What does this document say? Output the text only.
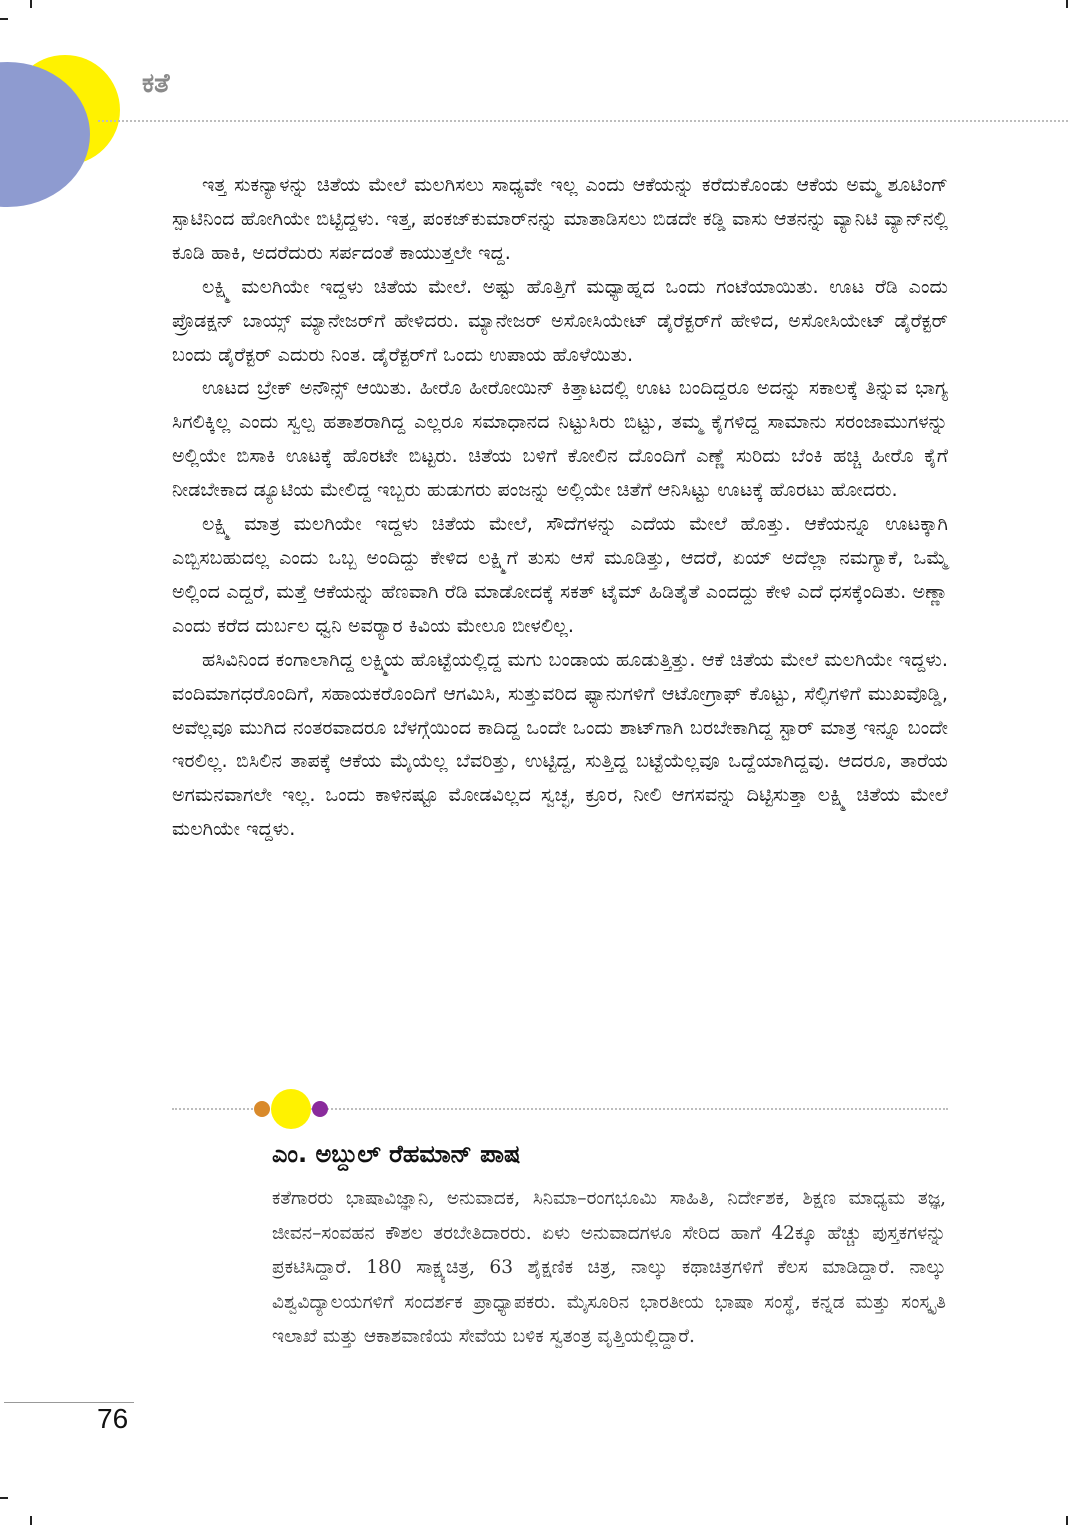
ಕತೆ

ಇತ್ತ ಸುಕನ್ಯಾಳನ್ನು ಚಿತೆಯ ಮೇಲೆ ಮಲಗಿಸಲು ಸಾಧ್ಯವೇ ಇಲ್ಲ ಎಂದು ಆಕೆಯನ್ನು ಕರೆದುಕೊಂಡು ಆಕೆಯ ಅಮ್ಮ ಶೂಟಿಂಗ್ ಸ್ಪಾಟಿನಿಂದ ಹೋಗಿಯೇ ಬಿಟ್ಟಿದ್ದಳು. ಇತ್ತ, ಪಂಕಜ್‌ಕುಮಾರ್‌ನನ್ನು ಮಾತಾಡಿಸಲು ಬಿಡದೇ ಕಡ್ಡಿ ವಾಸು ಆತನನ್ನು ವ್ಯಾನಿಟಿ ವ್ಯಾನ್‌ನಲ್ಲಿ ಕೂಡಿ ಹಾಕಿ, ಅದರೆದುರು ಸರ್ಪದಂತೆ ಕಾಯುತ್ತಲೇ ಇದ್ದ.

ಲಕ್ಷ್ಮಿ ಮಲಗಿಯೇ ಇದ್ದಳು ಚಿತೆಯ ಮೇಲೆ. ಅಷ್ಟು ಹೊತ್ತಿಗೆ ಮಧ್ಯಾಹ್ನದ ಒಂದು ಗಂಟೆಯಾಯಿತು. ಊಟ ರೆಡಿ ಎಂದು ಪ್ರೊಡಕ್ಷನ್ ಬಾಯ್ಸ್ ಮ್ಯಾನೇಜರ್‌ಗೆ ಹೇಳಿದರು. ಮ್ಯಾನೇಜರ್ ಅಸೋಸಿಯೇಟ್ ಡೈರೆಕ್ಟರ್‌ಗೆ ಹೇಳಿದ, ಅಸೋಸಿಯೇಟ್ ಡೈರೆಕ್ಟರ್ ಬಂದು ಡೈರೆಕ್ಟರ್ ಎದುರು ನಿಂತ. ಡೈರೆಕ್ಟರ್‌ಗೆ ಒಂದು ಉಪಾಯ ಹೊಳೆಯಿತು.

ಊಟದ ಬ್ರೇಕ್ ಅನೌನ್ಸ್ ಆಯಿತು. ಹೀರೊ ಹೀರೋಯಿನ್ ಕಿತ್ತಾಟದಲ್ಲಿ ಊಟ ಬಂದಿದ್ದರೂ ಅದನ್ನು ಸಕಾಲಕ್ಕೆ ತಿನ್ನುವ ಭಾಗ್ಯ ಸಿಗಲಿಕ್ಕಿಲ್ಲ ಎಂದು ಸ್ವಲ್ಪ ಹತಾಶರಾಗಿದ್ದ ಎಲ್ಲರೂ ಸಮಾಧಾನದ ನಿಟ್ಟುಸಿರು ಬಿಟ್ಟು, ತಮ್ಮ ಕೈಗಳಿದ್ದ ಸಾಮಾನು ಸರಂಜಾಮುಗಳನ್ನು ಅಲ್ಲಿಯೇ ಬಿಸಾಕಿ ಊಟಕ್ಕೆ ಹೊರಟೇ ಬಿಟ್ಟರು. ಚಿತೆಯ ಬಳಿಗೆ ಕೋಲಿನ ದೊಂದಿಗೆ ಎಣ್ಣೆ ಸುರಿದು ಬೆಂಕಿ ಹಚ್ಚಿ ಹೀರೊ ಕೈಗೆ ನೀಡಬೇಕಾದ ಡ್ಯೂಟಿಯ ಮೇಲಿದ್ದ ಇಬ್ಬರು ಹುಡುಗರು ಪಂಜನ್ನು ಅಲ್ಲಿಯೇ ಚಿತೆಗೆ ಆನಿಸಿಟ್ಟು ಊಟಕ್ಕೆ ಹೊರಟು ಹೋದರು.

ಲಕ್ಷ್ಮಿ ಮಾತ್ರ ಮಲಗಿಯೇ ಇದ್ದಳು ಚಿತೆಯ ಮೇಲೆ, ಸೌದೆಗಳನ್ನು ಎದೆಯ ಮೇಲೆ ಹೊತ್ತು. ಆಕೆಯನ್ನೂ ಊಟಕ್ಕಾಗಿ ಎಬ್ಬಿಸಬಹುದಲ್ಲ ಎಂದು ಒಬ್ಬ ಅಂದಿದ್ದು ಕೇಳಿದ ಲಕ್ಷ್ಮಿಗೆ ತುಸು ಆಸೆ ಮೂಡಿತ್ತು, ಆದರೆ, ಏಯ್ ಅದೆಲ್ಲಾ ನಮಗ್ಯಾಕೆ, ಒಮ್ಮೆ ಅಲ್ಲಿಂದ ಎದ್ದರೆ, ಮತ್ತೆ ಆಕೆಯನ್ನು ಹೆಣವಾಗಿ ರೆಡಿ ಮಾಡೋದಕ್ಕೆ ಸಕತ್ ಟೈಮ್ ಹಿಡಿತೈತೆ ಎಂದದ್ದು ಕೇಳಿ ಎದೆ ಧಸಕ್ಕೆಂದಿತು. ಅಣ್ಣಾ ಎಂದು ಕರೆದ ದುರ್ಬಲ ಧ್ವನಿ ಅವರ್‍ಯಾರ ಕಿವಿಯ ಮೇಲೂ ಬೀಳಲಿಲ್ಲ.

ಹಸಿವಿನಿಂದ ಕಂಗಾಲಾಗಿದ್ದ ಲಕ್ಷ್ಮಿಯ ಹೊಟ್ಟೆಯಲ್ಲಿದ್ದ ಮಗು ಬಂಡಾಯ ಹೂಡುತ್ತಿತ್ತು. ಆಕೆ ಚಿತೆಯ ಮೇಲೆ ಮಲಗಿಯೇ ಇದ್ದಳು. ವಂದಿಮಾಗಧರೊಂದಿಗೆ, ಸಹಾಯಕರೊಂದಿಗೆ ಆಗಮಿಸಿ, ಸುತ್ತುವರಿದ ಫ್ಯಾನುಗಳಿಗೆ ಆಟೋಗ್ರಾಫ್ ಕೊಟ್ಟು, ಸೆಲ್ಫಿಗಳಿಗೆ ಮುಖವೊಡ್ಡಿ, ಅವೆಲ್ಲವೂ ಮುಗಿದ ನಂತರವಾದರೂ ಬೆಳಗ್ಗೆಯಿಂದ ಕಾದಿದ್ದ ಒಂದೇ ಒಂದು ಶಾಟ್‌ಗಾಗಿ ಬರಬೇಕಾಗಿದ್ದ ಸ್ಟಾರ್ ಮಾತ್ರ ಇನ್ನೂ ಬಂದೇ ಇರಲಿಲ್ಲ. ಬಿಸಿಲಿನ ತಾಪಕ್ಕೆ ಆಕೆಯ ಮೈಯೆಲ್ಲ ಬೆವರಿತ್ತು, ಉಟ್ಟಿದ್ದ, ಸುತ್ತಿದ್ದ ಬಟ್ಟೆಯೆಲ್ಲವೂ ಒದ್ದೆಯಾಗಿದ್ದವು. ಆದರೂ, ತಾರೆಯ ಅಗಮನವಾಗಲೇ ಇಲ್ಲ. ಒಂದು ಕಾಳಿನಷ್ಟೂ ಮೋಡವಿಲ್ಲದ ಸ್ವಚ್ಛ, ಕ್ರೂರ, ನೀಲಿ ಆಗಸವನ್ನು ದಿಟ್ಟಿಸುತ್ತಾ ಲಕ್ಷ್ಮಿ ಚಿತೆಯ ಮೇಲೆ ಮಲಗಿಯೇ ಇದ್ದಳು.

ಎಂ. ಅಬ್ದುಲ್ ರೆಹಮಾನ್ ಪಾಷ

ಕತೆಗಾರರು ಭಾಷಾವಿಜ್ಞಾನಿ, ಅನುವಾದಕ, ಸಿನಿಮಾ–ರಂಗಭೂಮಿ ಸಾಹಿತಿ, ನಿರ್ದೇಶಕ, ಶಿಕ್ಷಣ ಮಾಧ್ಯಮ ತಜ್ಞ, ಜೀವನ–ಸಂವಹನ ಕೌಶಲ ತರಬೇತಿದಾರರು. ಏಳು ಅನುವಾದಗಳೂ ಸೇರಿದ ಹಾಗೆ 42ಕ್ಕೂ ಹೆಚ್ಚು ಪುಸ್ತಕಗಳನ್ನು ಪ್ರಕಟಿಸಿದ್ದಾರೆ. 180 ಸಾಕ್ಷ್ಯಚಿತ್ರ, 63 ಶೈಕ್ಷಣಿಕ ಚಿತ್ರ, ನಾಲ್ಕು ಕಥಾಚಿತ್ರಗಳಿಗೆ ಕೆಲಸ ಮಾಡಿದ್ದಾರೆ. ನಾಲ್ಕು ವಿಶ್ವವಿದ್ಯಾಲಯಗಳಿಗೆ ಸಂದರ್ಶಕ ಪ್ರಾಧ್ಯಾಪಕರು. ಮೈಸೂರಿನ ಭಾರತೀಯ ಭಾಷಾ ಸಂಸ್ಥೆ, ಕನ್ನಡ ಮತ್ತು ಸಂಸ್ಕೃತಿ ಇಲಾಖೆ ಮತ್ತು ಆಕಾಶವಾಣಿಯ ಸೇವೆಯ ಬಳಿಕ ಸ್ವತಂತ್ರ ವೃತ್ತಿಯಲ್ಲಿದ್ದಾರೆ.

76
